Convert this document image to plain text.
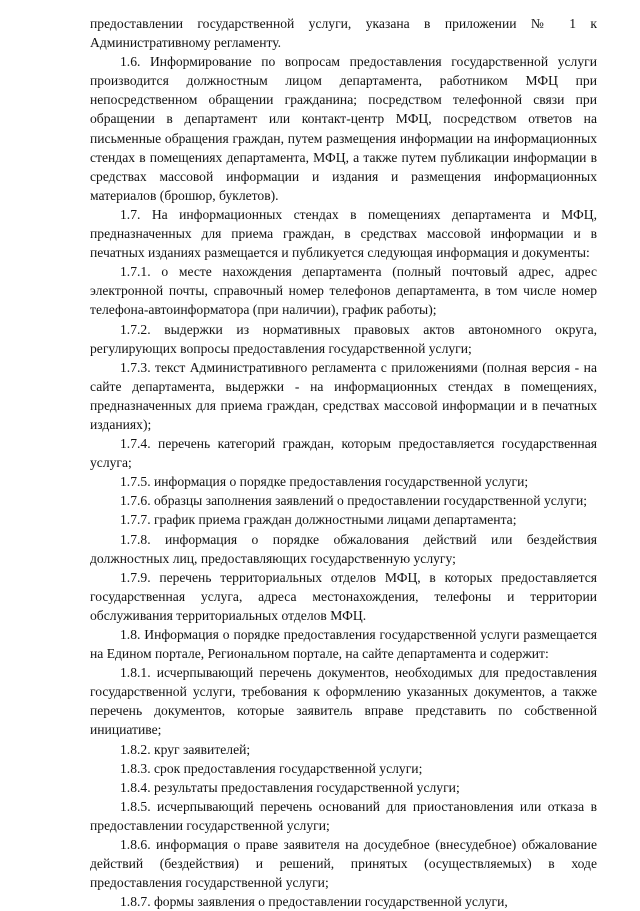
предоставлении государственной услуги, указана в приложении № 1 к Административному регламенту.

1.6. Информирование по вопросам предоставления государственной услуги производится должностным лицом департамента, работником МФЦ при непосредственном обращении гражданина; посредством телефонной связи при обращении в департамент или контакт-центр МФЦ, посредством ответов на письменные обращения граждан, путем размещения информации на информационных стендах в помещениях департамента, МФЦ, а также путем публикации информации в средствах массовой информации и издания и размещения информационных материалов (брошюр, буклетов).

1.7. На информационных стендах в помещениях департамента и МФЦ, предназначенных для приема граждан, в средствах массовой информации и в печатных изданиях размещается и публикуется следующая информация и документы:

1.7.1. о месте нахождения департамента (полный почтовый адрес, адрес электронной почты, справочный номер телефонов департамента, в том числе номер телефона-автоинформатора (при наличии), график работы);

1.7.2. выдержки из нормативных правовых актов автономного округа, регулирующих вопросы предоставления государственной услуги;

1.7.3. текст Административного регламента с приложениями (полная версия - на сайте департамента, выдержки - на информационных стендах в помещениях, предназначенных для приема граждан, средствах массовой информации и в печатных изданиях);

1.7.4. перечень категорий граждан, которым предоставляется государственная услуга;

1.7.5. информация о порядке предоставления государственной услуги;

1.7.6. образцы заполнения заявлений о предоставлении государственной услуги;

1.7.7. график приема граждан должностными лицами департамента;

1.7.8. информация о порядке обжалования действий или бездействия должностных лиц, предоставляющих государственную услугу;

1.7.9. перечень территориальных отделов МФЦ, в которых предоставляется государственная услуга, адреса местонахождения, телефоны и территории обслуживания территориальных отделов МФЦ.

1.8. Информация о порядке предоставления государственной услуги размещается на Едином портале, Региональном портале, на сайте департамента и содержит:

1.8.1. исчерпывающий перечень документов, необходимых для предоставления государственной услуги, требования к оформлению указанных документов, а также перечень документов, которые заявитель вправе представить по собственной инициативе;

1.8.2. круг заявителей;

1.8.3. срок предоставления государственной услуги;

1.8.4. результаты предоставления государственной услуги;

1.8.5. исчерпывающий перечень оснований для приостановления или отказа в предоставлении государственной услуги;

1.8.6. информация о праве заявителя на досудебное (внесудебное) обжалование действий (бездействия) и решений, принятых (осуществляемых) в ходе предоставления государственной услуги;

1.8.7. формы заявления о предоставлении государственной услуги,
